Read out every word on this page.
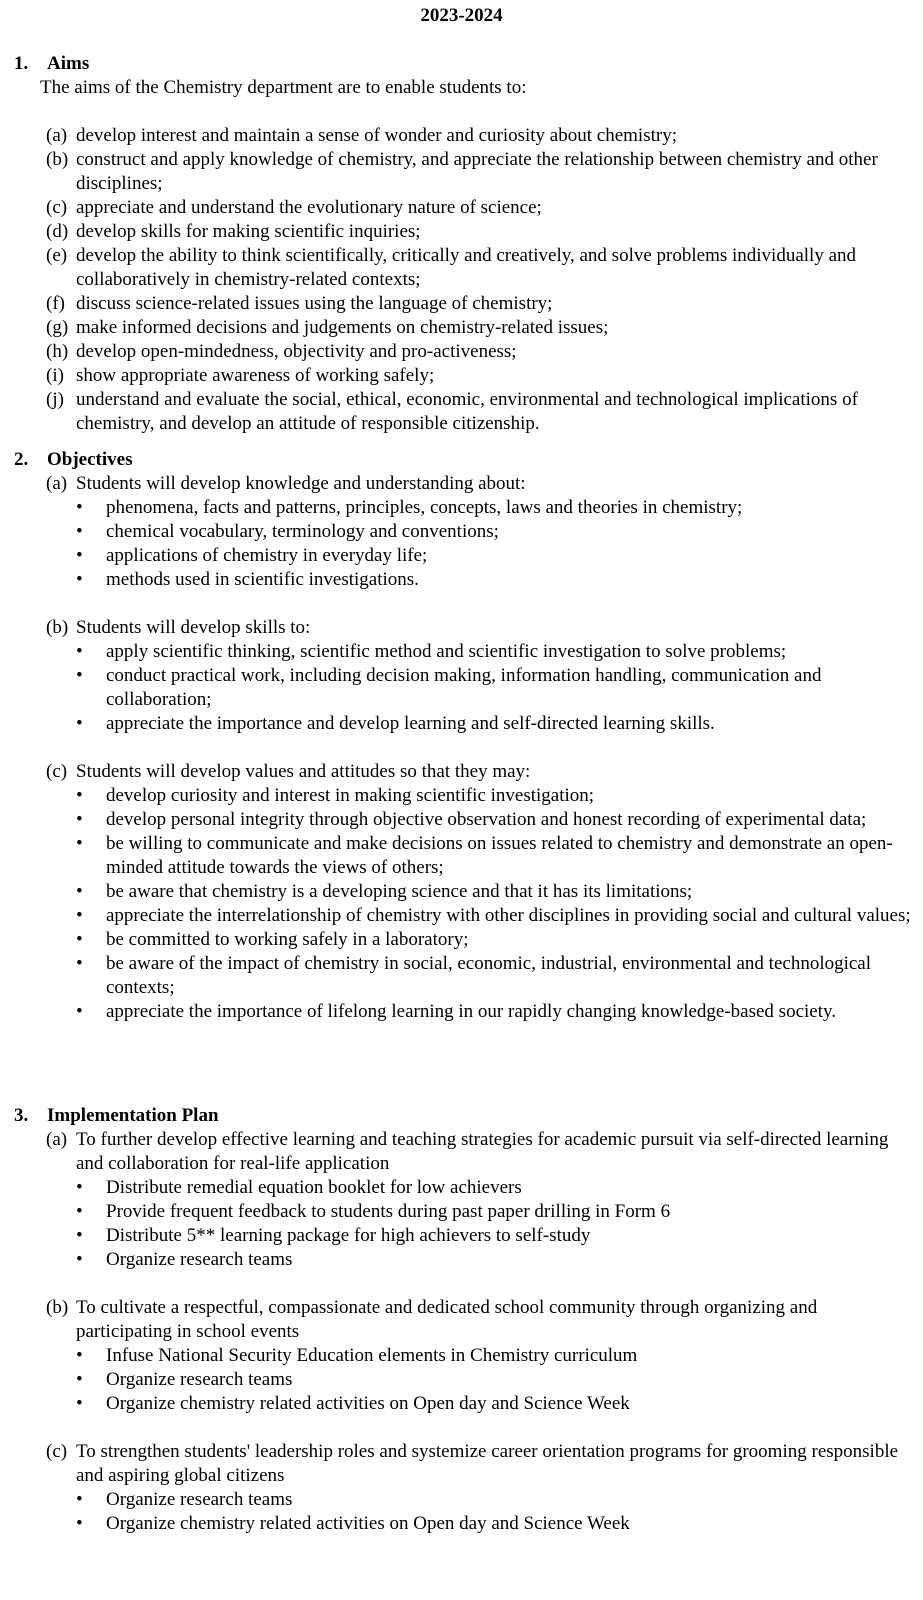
2023-2024
1. Aims
The aims of the Chemistry department are to enable students to:
(a) develop interest and maintain a sense of wonder and curiosity about chemistry;
(b) construct and apply knowledge of chemistry, and appreciate the relationship between chemistry and other disciplines;
(c) appreciate and understand the evolutionary nature of science;
(d) develop skills for making scientific inquiries;
(e) develop the ability to think scientifically, critically and creatively, and solve problems individually and collaboratively in chemistry-related contexts;
(f) discuss science-related issues using the language of chemistry;
(g) make informed decisions and judgements on chemistry-related issues;
(h) develop open-mindedness, objectivity and pro-activeness;
(i) show appropriate awareness of working safely;
(j) understand and evaluate the social, ethical, economic, environmental and technological implications of chemistry, and develop an attitude of responsible citizenship.
2. Objectives
(a) Students will develop knowledge and understanding about:
•	phenomena, facts and patterns, principles, concepts, laws and theories in chemistry;
•	chemical vocabulary, terminology and conventions;
•	applications of chemistry in everyday life;
•	methods used in scientific investigations.
(b) Students will develop skills to:
•	apply scientific thinking, scientific method and scientific investigation to solve problems;
•	conduct practical work, including decision making, information handling, communication and collaboration;
•	appreciate the importance and develop learning and self-directed learning skills.
(c) Students will develop values and attitudes so that they may:
•	develop curiosity and interest in making scientific investigation;
•	develop personal integrity through objective observation and honest recording of experimental data;
•	be willing to communicate and make decisions on issues related to chemistry and demonstrate an open-minded attitude towards the views of others;
•	be aware that chemistry is a developing science and that it has its limitations;
•	appreciate the interrelationship of chemistry with other disciplines in providing social and cultural values;
•	be committed to working safely in a laboratory;
•	be aware of the impact of chemistry in social, economic, industrial, environmental and technological contexts;
•	appreciate the importance of lifelong learning in our rapidly changing knowledge-based society.
3. Implementation Plan
(a) To further develop effective learning and teaching strategies for academic pursuit via self-directed learning and collaboration for real-life application
•	Distribute remedial equation booklet for low achievers
•	Provide frequent feedback to students during past paper drilling in Form 6
•	Distribute 5** learning package for high achievers to self-study
•	Organize research teams
(b) To cultivate a respectful, compassionate and dedicated school community through organizing and participating in school events
•	Infuse National Security Education elements in Chemistry curriculum
•	Organize research teams
•	Organize chemistry related activities on Open day and Science Week
(c) To strengthen students' leadership roles and systemize career orientation programs for grooming responsible and aspiring global citizens
•	Organize research teams
•	Organize chemistry related activities on Open day and Science Week
